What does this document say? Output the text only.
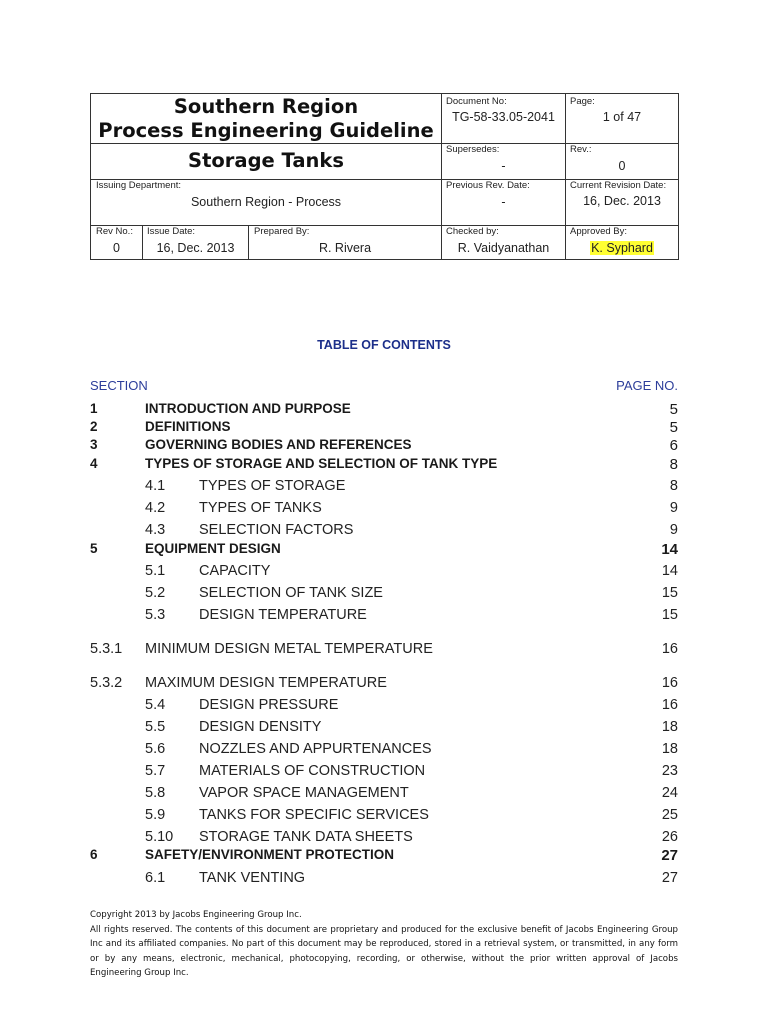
Southern Region
Process Engineering Guideline
Storage Tanks
Document No:
TG-58-33.05-2041
Page:
1 of 47
Supersedes:
-
Rev.:
0
Issuing Department:
Southern Region - Process
Previous Rev. Date:
-
Current Revision Date:
16, Dec. 2013
Rev No.:
0
Issue Date:
16, Dec. 2013
Prepared By:
R. Rivera
Checked by:
R. Vaidyanathan
Approved By:
K. Syphard
TABLE OF CONTENTS
SECTION	PAGE NO.
1	INTRODUCTION AND PURPOSE	5
2	DEFINITIONS	5
3	GOVERNING BODIES AND REFERENCES	6
4	TYPES OF STORAGE AND SELECTION OF TANK TYPE	8
4.1 TYPES OF STORAGE	8
4.2 TYPES OF TANKS	9
4.3 SELECTION FACTORS	9
5	EQUIPMENT DESIGN	14
5.1 CAPACITY	14
5.2 SELECTION OF TANK SIZE	15
5.3 DESIGN TEMPERATURE	15
5.3.1 MINIMUM DESIGN METAL TEMPERATURE	16
5.3.2 MAXIMUM DESIGN TEMPERATURE	16
5.4 DESIGN PRESSURE	16
5.5 DESIGN DENSITY	18
5.6 NOZZLES AND APPURTENANCES	18
5.7 MATERIALS OF CONSTRUCTION	23
5.8 VAPOR SPACE MANAGEMENT	24
5.9 TANKS FOR SPECIFIC SERVICES	25
5.10 STORAGE TANK DATA SHEETS	26
6	SAFETY/ENVIRONMENT PROTECTION	27
6.1 TANK VENTING	27

Copyright 2013 by Jacobs Engineering Group Inc.

All rights reserved. The contents of this document are proprietary and produced for the exclusive benefit of Jacobs Engineering Group Inc and its affiliated companies. No part of this document may be reproduced, stored in a retrieval system, or transmitted, in any form or by any means, electronic, mechanical, photocopying, recording, or otherwise, without the prior written approval of Jacobs Engineering Group Inc.
